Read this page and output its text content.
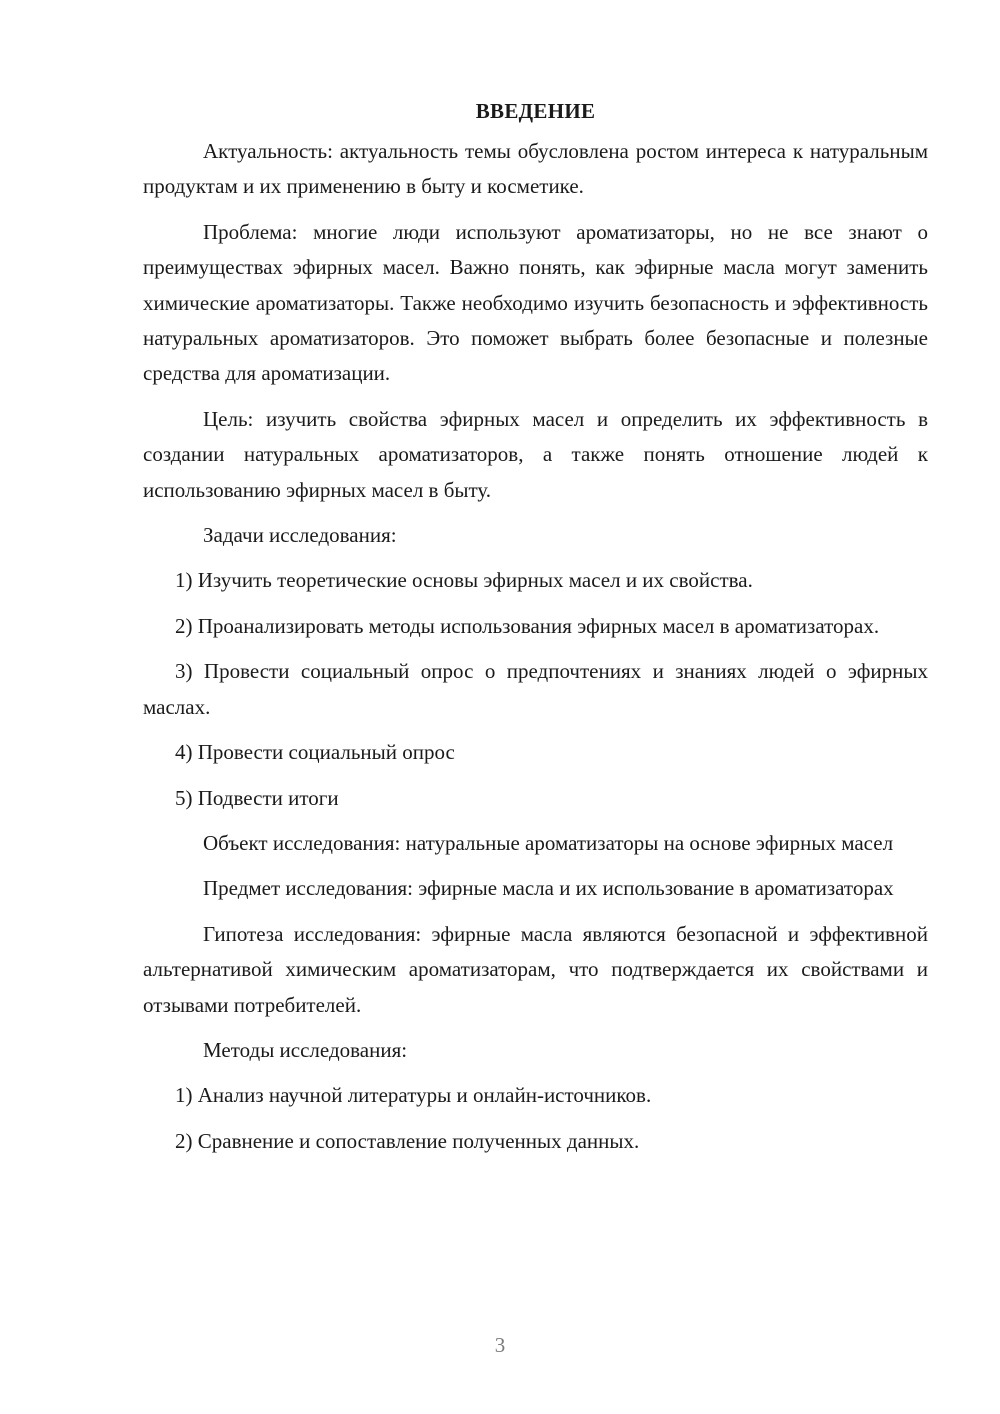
ВВЕДЕНИЕ

Актуальность: актуальность темы обусловлена ростом интереса к натуральным продуктам и их применению в быту и косметике.

Проблема: многие люди используют ароматизаторы, но не все знают о преимуществах эфирных масел. Важно понять, как эфирные масла могут заменить химические ароматизаторы. Также необходимо изучить безопасность и эффективность натуральных ароматизаторов. Это поможет выбрать более безопасные и полезные средства для ароматизации.

Цель: изучить свойства эфирных масел и определить их эффективность в создании натуральных ароматизаторов, а также понять отношение людей к использованию эфирных масел в быту.

Задачи исследования:

1) Изучить теоретические основы эфирных масел и их свойства.

2) Проанализировать методы использования эфирных масел в ароматизаторах.

3) Провести социальный опрос о предпочтениях и знаниях людей о эфирных маслах.

4) Провести социальный опрос

5) Подвести итоги

Объект исследования: натуральные ароматизаторы на основе эфирных масел

Предмет исследования: эфирные масла и их использование в ароматизаторах

Гипотеза исследования: эфирные масла являются безопасной и эффективной альтернативой химическим ароматизаторам, что подтверждается их свойствами и отзывами потребителей.

Методы исследования:

1) Анализ научной литературы и онлайн-источников.

2) Сравнение и сопоставление полученных данных.

3
